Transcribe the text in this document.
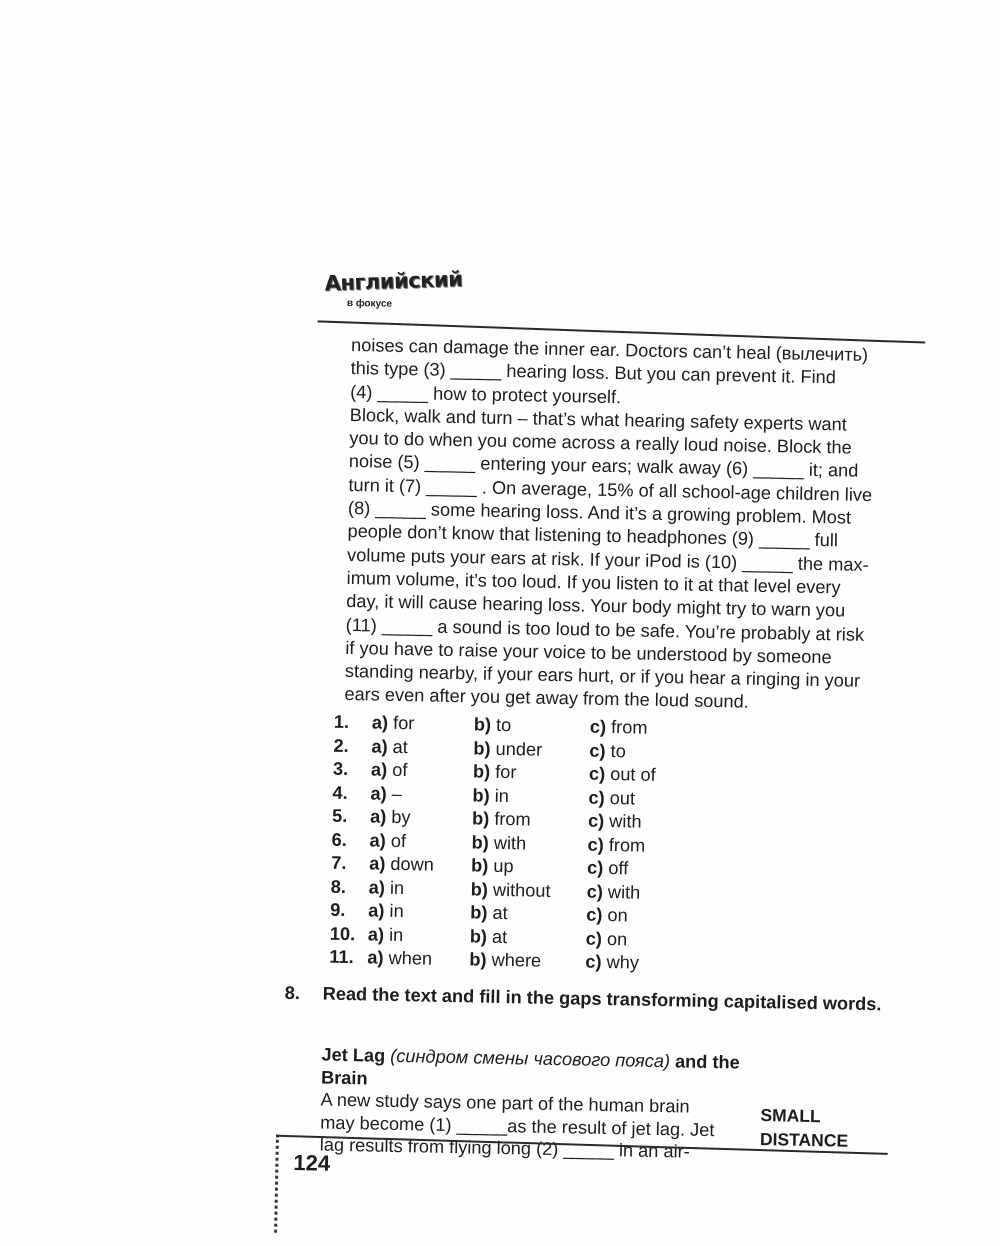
Английский
в фокусе
noises can damage the inner ear. Doctors can’t heal (вылечить)
this type (3) _____ hearing loss. But you can prevent it. Find
(4) _____ how to protect yourself.
Block, walk and turn – that’s what hearing safety experts want
you to do when you come across a really loud noise. Block the
noise (5) _____ entering your ears; walk away (6) _____ it; and
turn it (7) _____ . On average, 15% of all school-age children live
(8) _____ some hearing loss. And it’s a growing problem. Most
people don’t know that listening to headphones (9) _____ full
volume puts your ears at risk. If your iPod is (10) _____ the max-
imum volume, it’s too loud. If you listen to it at that level every
day, it will cause hearing loss. Your body might try to warn you
(11) _____ a sound is too loud to be safe. You’re probably at risk
if you have to raise your voice to be understood by someone
standing nearby, if your ears hurt, or if you hear a ringing in your
ears even after you get away from the loud sound.
1. a) for	b) to	c) from
2. a) at	b) under	c) to
3. a) of	b) for	c) out of
4. a) –	b) in	c) out
5. a) by	b) from	c) with
6. a) of	b) with	c) from
7. a) down b) up	c) off
8. a) in	b) without c) with
9. a) in	b) at	c) on
10. a) in	b) at	c) on
11. a) when b) where c) why
8. Read the text and fill in the gaps transforming capitalised words.
Jet Lag (синдром смены часового пояса) and the Brain
A new study says one part of the human brain
may become (1) _____as the result of jet lag. Jet
lag results from flying long (2) _____ in an air-
SMALL
DISTANCE
124
